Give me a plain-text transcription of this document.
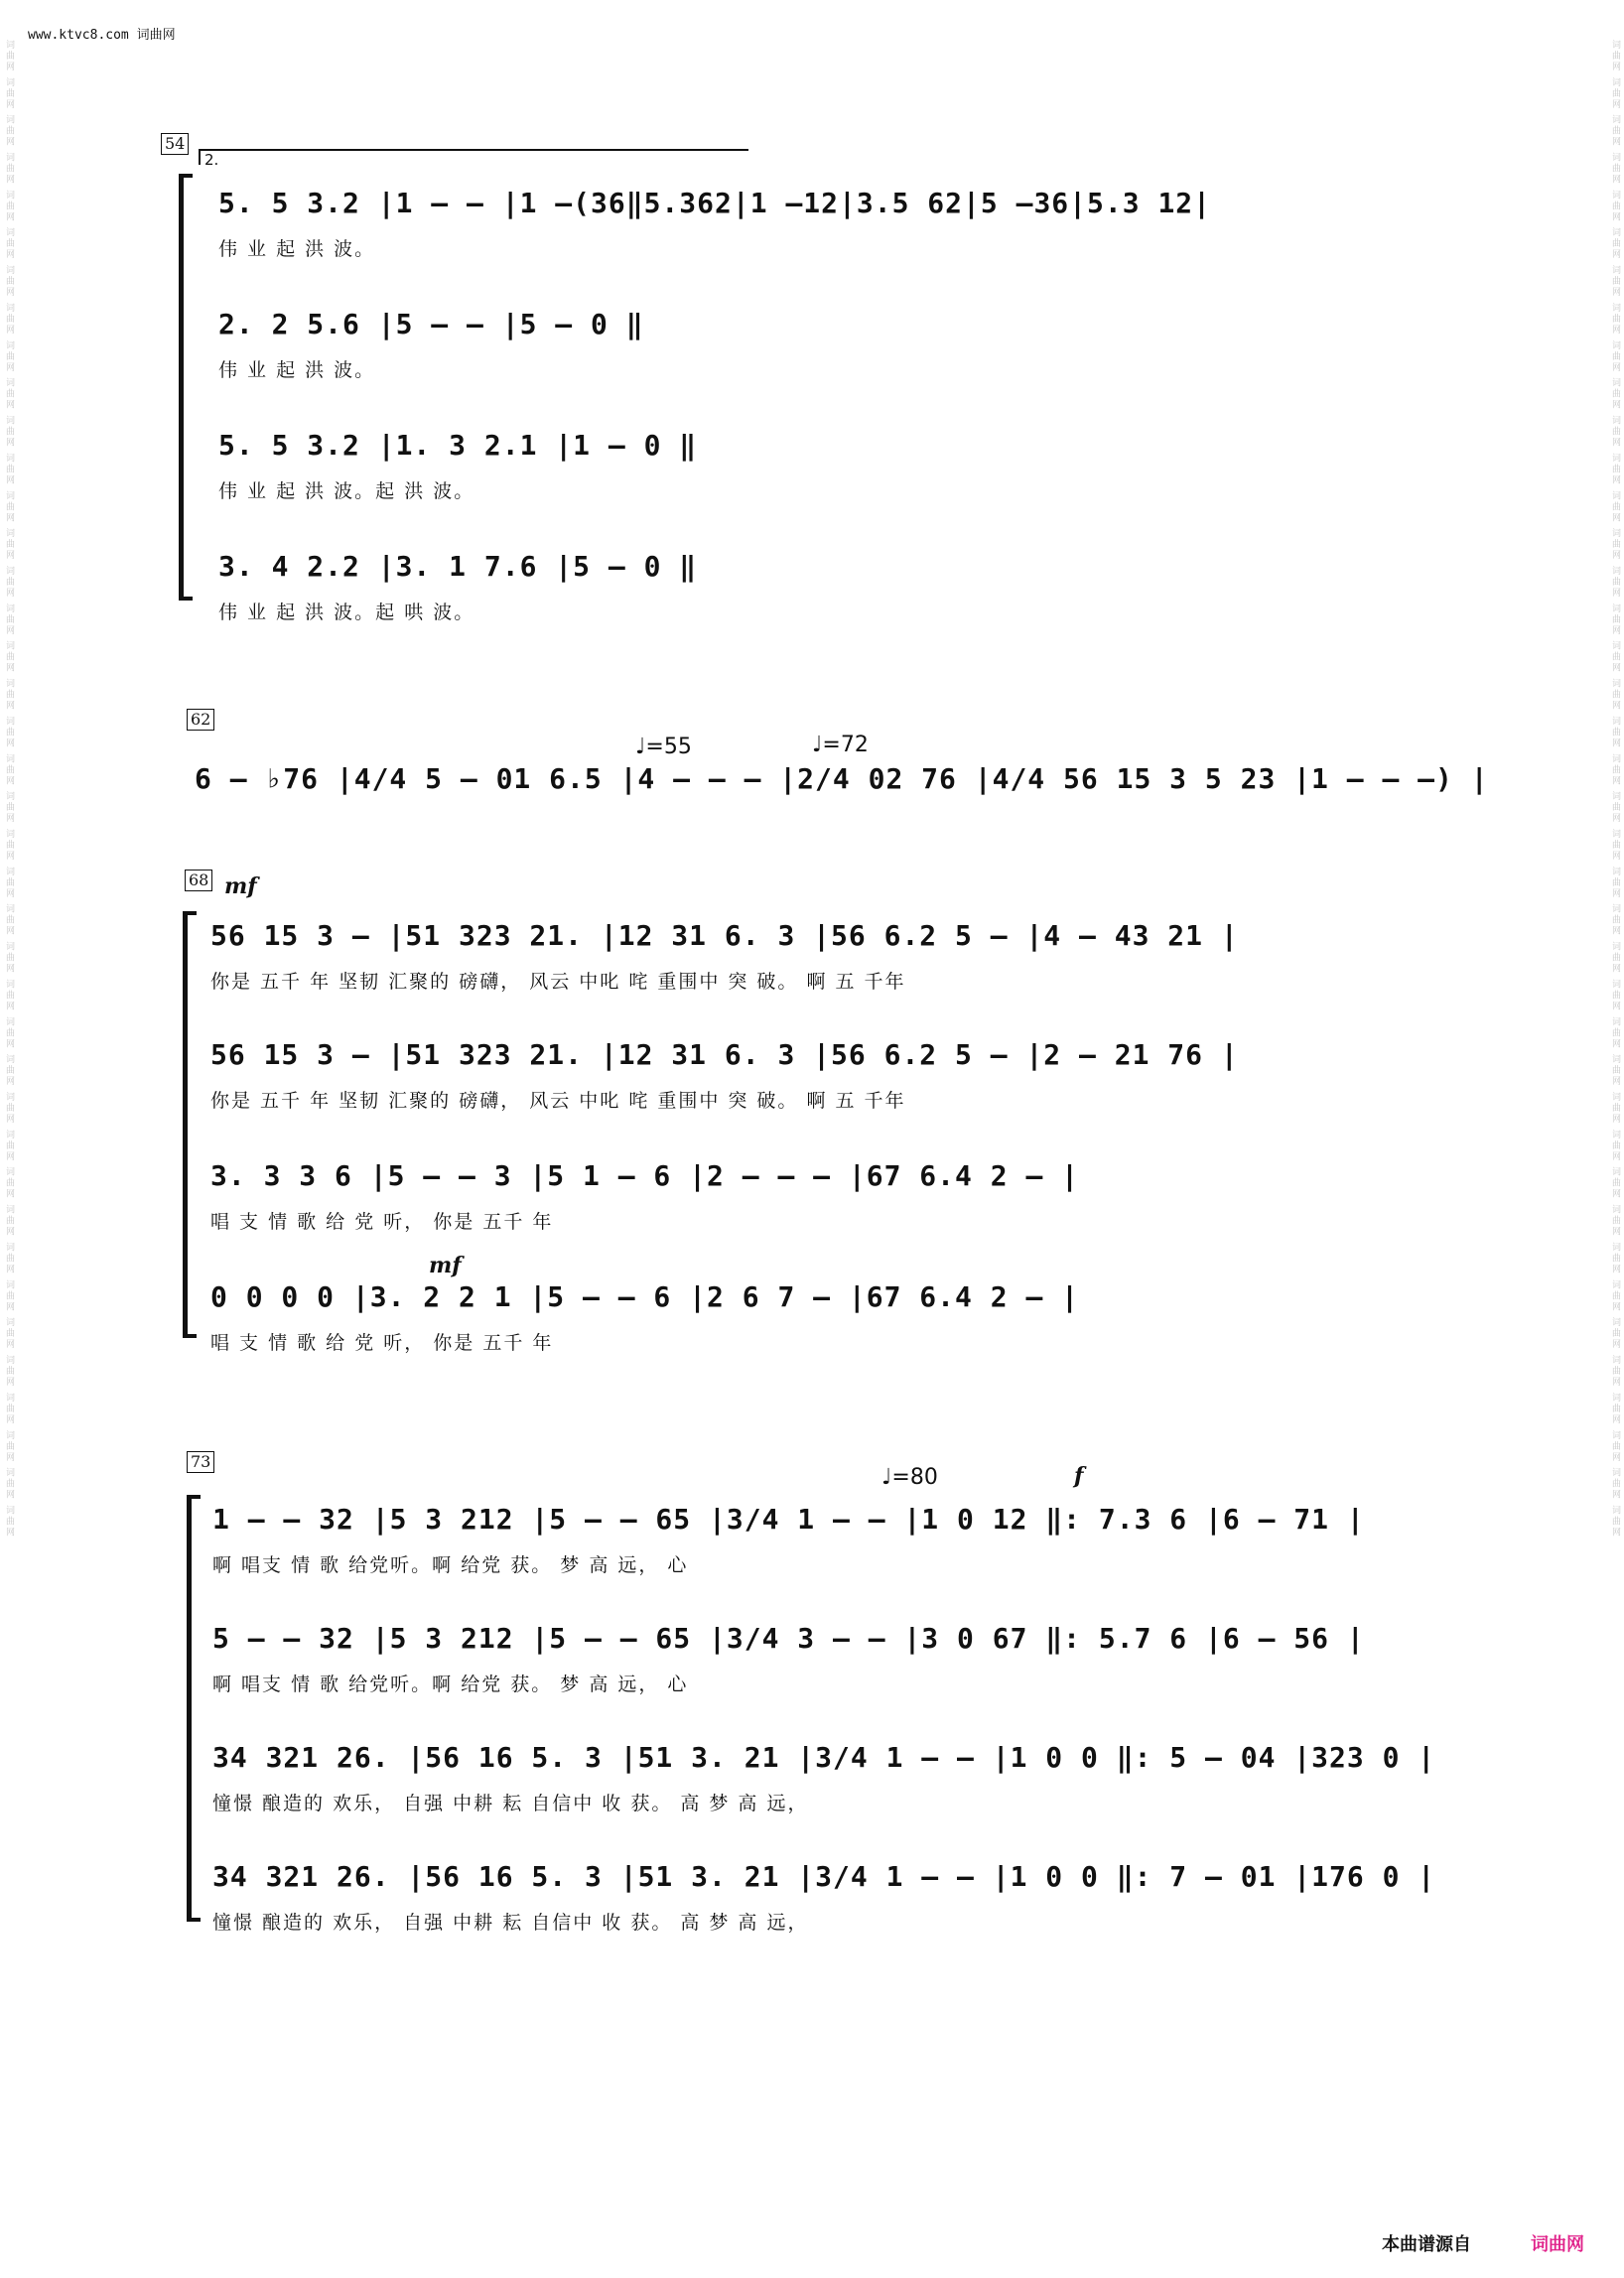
www.ktvc8.com 词曲网
词曲网 词曲网 词曲网 词曲网 词曲网 词曲网 词曲网 词曲网 词曲网 词曲网 词曲网 词曲网 词曲网 词曲网 词曲网 词曲网 词曲网 词曲网 词曲网 词曲网 词曲网 词曲网 词曲网 词曲网 词曲网 词曲网 词曲网 词曲网 词曲网 词曲网 词曲网 词曲网 词曲网 词曲网 词曲网 词曲网 词曲网 词曲网 词曲网 词曲网	词曲网 词曲网 词曲网 词曲网 词曲网 词曲网 词曲网 词曲网 词曲网 词曲网 词曲网 词曲网 词曲网 词曲网 词曲网 词曲网 词曲网 词曲网 词曲网 词曲网 词曲网 词曲网 词曲网 词曲网 词曲网 词曲网 词曲网 词曲网 词曲网 词曲网 词曲网 词曲网 词曲网 词曲网 词曲网 词曲网 词曲网 词曲网 词曲网 词曲网
54
2.
5. 5 3.2 |1 – – |1 –(36‖5.362|1 –12|3.5 62|5 –36|5.3 12|
伟 业 起 洪 波。
2. 2 5.6 |5 – – |5 – 0 ‖
伟 业 起 洪 波。
5. 5 3.2 |1. 3 2.1 |1 – 0 ‖
伟 业 起 洪 波。起 洪 波。
3. 4 2.2 |3. 1 7.6 |5 – 0 ‖
伟 业 起 洪 波。起 哄 波。
62
♩=55	♩=72
6 – ♭76 |4/4 5 – 01 6.5 |4 – – – |2/4 02 76 |4/4 56 15 3 5 23 |1 – – –) |
68 mf
56 15 3 – |51 323 21. |12 31 6. 3 |56 6.2 5 – |4 – 43 21 |
你是 五千 年 坚韧 汇聚的 磅礴， 风云 中叱 咤 重围中 突 破。 啊 五 千年
56 15 3 – |51 323 21. |12 31 6. 3 |56 6.2 5 – |2 – 21 76 |
你是 五千 年 坚韧 汇聚的 磅礴， 风云 中叱 咤 重围中 突 破。 啊 五 千年
3. 3 3 6 |5 – – 3 |5 1 – 6 |2 – – – |67 6.4 2 – |
唱 支 情 歌 给 党 听， 你是 五千 年
mf
0 0 0 0 |3. 2 2 1 |5 – – 6 |2 6 7 – |67 6.4 2 – |
唱 支 情 歌 给 党 听， 你是 五千 年
73
♩=80	f
1 – – 32 |5 3 212 |5 – – 65 |3/4 1 – – |1 0 12 ‖: 7.3 6 |6 – 71 |
啊 唱支 情 歌 给党听。啊 给党 获。 梦 高 远， 心
5 – – 32 |5 3 212 |5 – – 65 |3/4 3 – – |3 0 67 ‖: 5.7 6 |6 – 56 |
啊 唱支 情 歌 给党听。啊 给党 获。 梦 高 远， 心
34 321 26. |56 16 5. 3 |51 3. 21 |3/4 1 – – |1 0 0 ‖: 5 – 04 |323 0 |
憧憬 酿造的 欢乐， 自强 中耕 耘 自信中 收 获。 高 梦 高 远，
34 321 26. |56 16 5. 3 |51 3. 21 |3/4 1 – – |1 0 0 ‖: 7 – 01 |176 0 |
憧憬 酿造的 欢乐， 自强 中耕 耘 自信中 收 获。 高 梦 高 远，
本曲谱源自	词曲网
